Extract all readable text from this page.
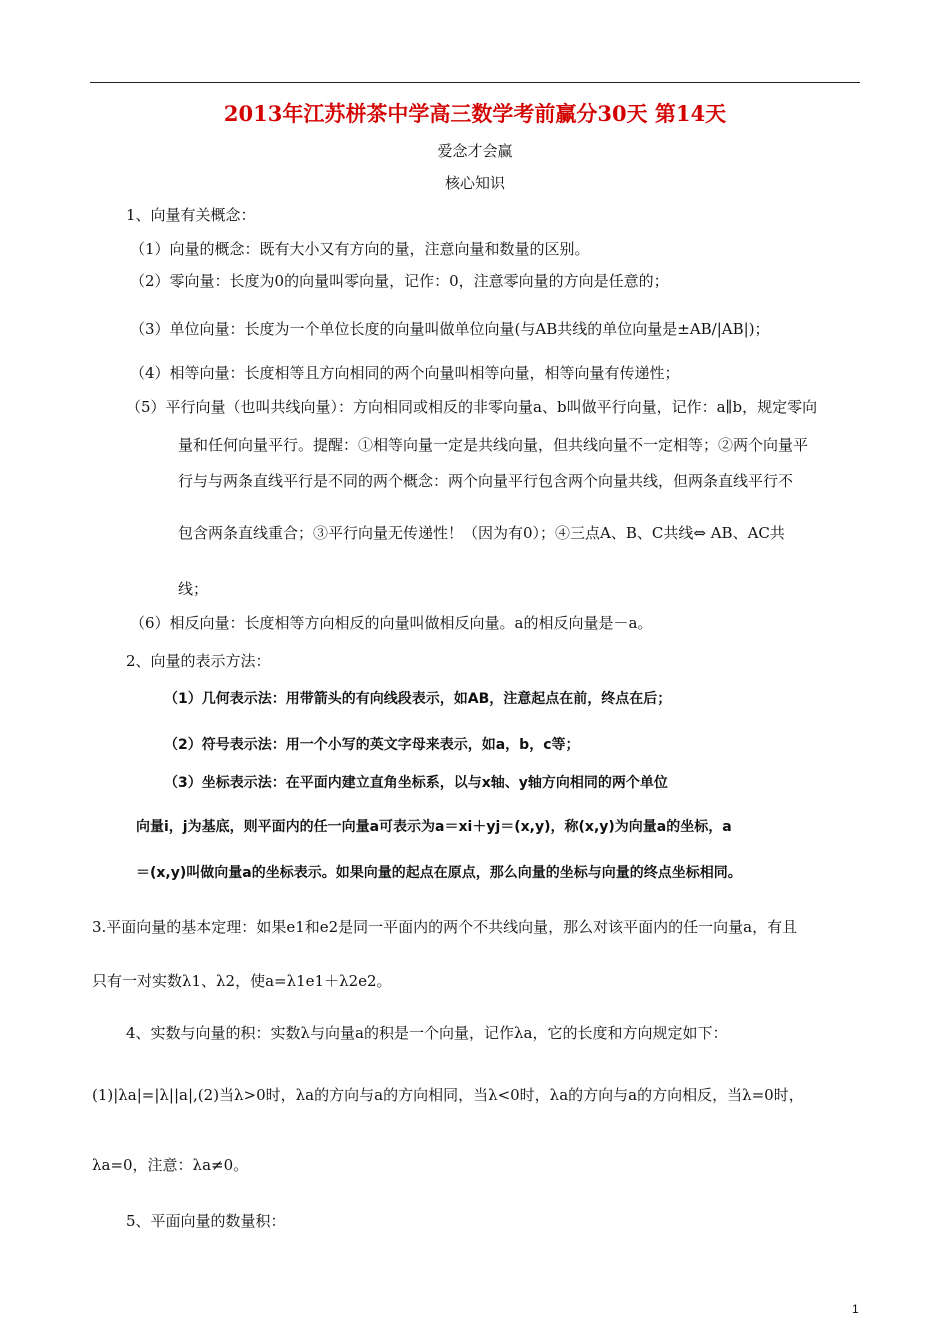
2013年江苏栟茶中学高三数学考前赢分30天 第14天
爱念才会赢
核心知识
1、向量有关概念：
（1）向量的概念：既有大小又有方向的量，注意向量和数量的区别。
（2）零向量：长度为0的向量叫零向量，记作：0，注意零向量的方向是任意的；
（3）单位向量：长度为一个单位长度的向量叫做单位向量(与AB共线的单位向量是±AB/|AB|)；
（4）相等向量：长度相等且方向相同的两个向量叫相等向量，相等向量有传递性；
（5）平行向量（也叫共线向量）：方向相同或相反的非零向量a、b叫做平行向量，记作：a∥b，规定零向
量和任何向量平行。提醒：①相等向量一定是共线向量，但共线向量不一定相等；②两个向量平
行与与两条直线平行是不同的两个概念：两个向量平行包含两个向量共线，但两条直线平行不
包含两条直线重合；③平行向量无传递性！（因为有0）；④三点A、B、C共线⇔ AB、AC共
线；
（6）相反向量：长度相等方向相反的向量叫做相反向量。a的相反向量是－a。
2、向量的表示方法：
（1）几何表示法：用带箭头的有向线段表示，如AB，注意起点在前，终点在后；
（2）符号表示法：用一个小写的英文字母来表示，如a，b，c等；
（3）坐标表示法：在平面内建立直角坐标系，以与x轴、y轴方向相同的两个单位
向量i，j为基底，则平面内的任一向量a可表示为a＝xi＋yj＝(x,y)，称(x,y)为向量a的坐标，a
＝(x,y)叫做向量a的坐标表示。如果向量的起点在原点，那么向量的坐标与向量的终点坐标相同。
3.平面向量的基本定理：如果e1和e2是同一平面内的两个不共线向量，那么对该平面内的任一向量a，有且
只有一对实数λ1、λ2，使a=λ1e1＋λ2e2。
4、实数与向量的积：实数λ与向量a的积是一个向量，记作λa，它的长度和方向规定如下：
(1)|λa|=|λ||a|,(2)当λ>0时，λa的方向与a的方向相同，当λ<0时，λa的方向与a的方向相反，当λ=0时，
λa=0，注意：λa≠0。
5、平面向量的数量积：
1
